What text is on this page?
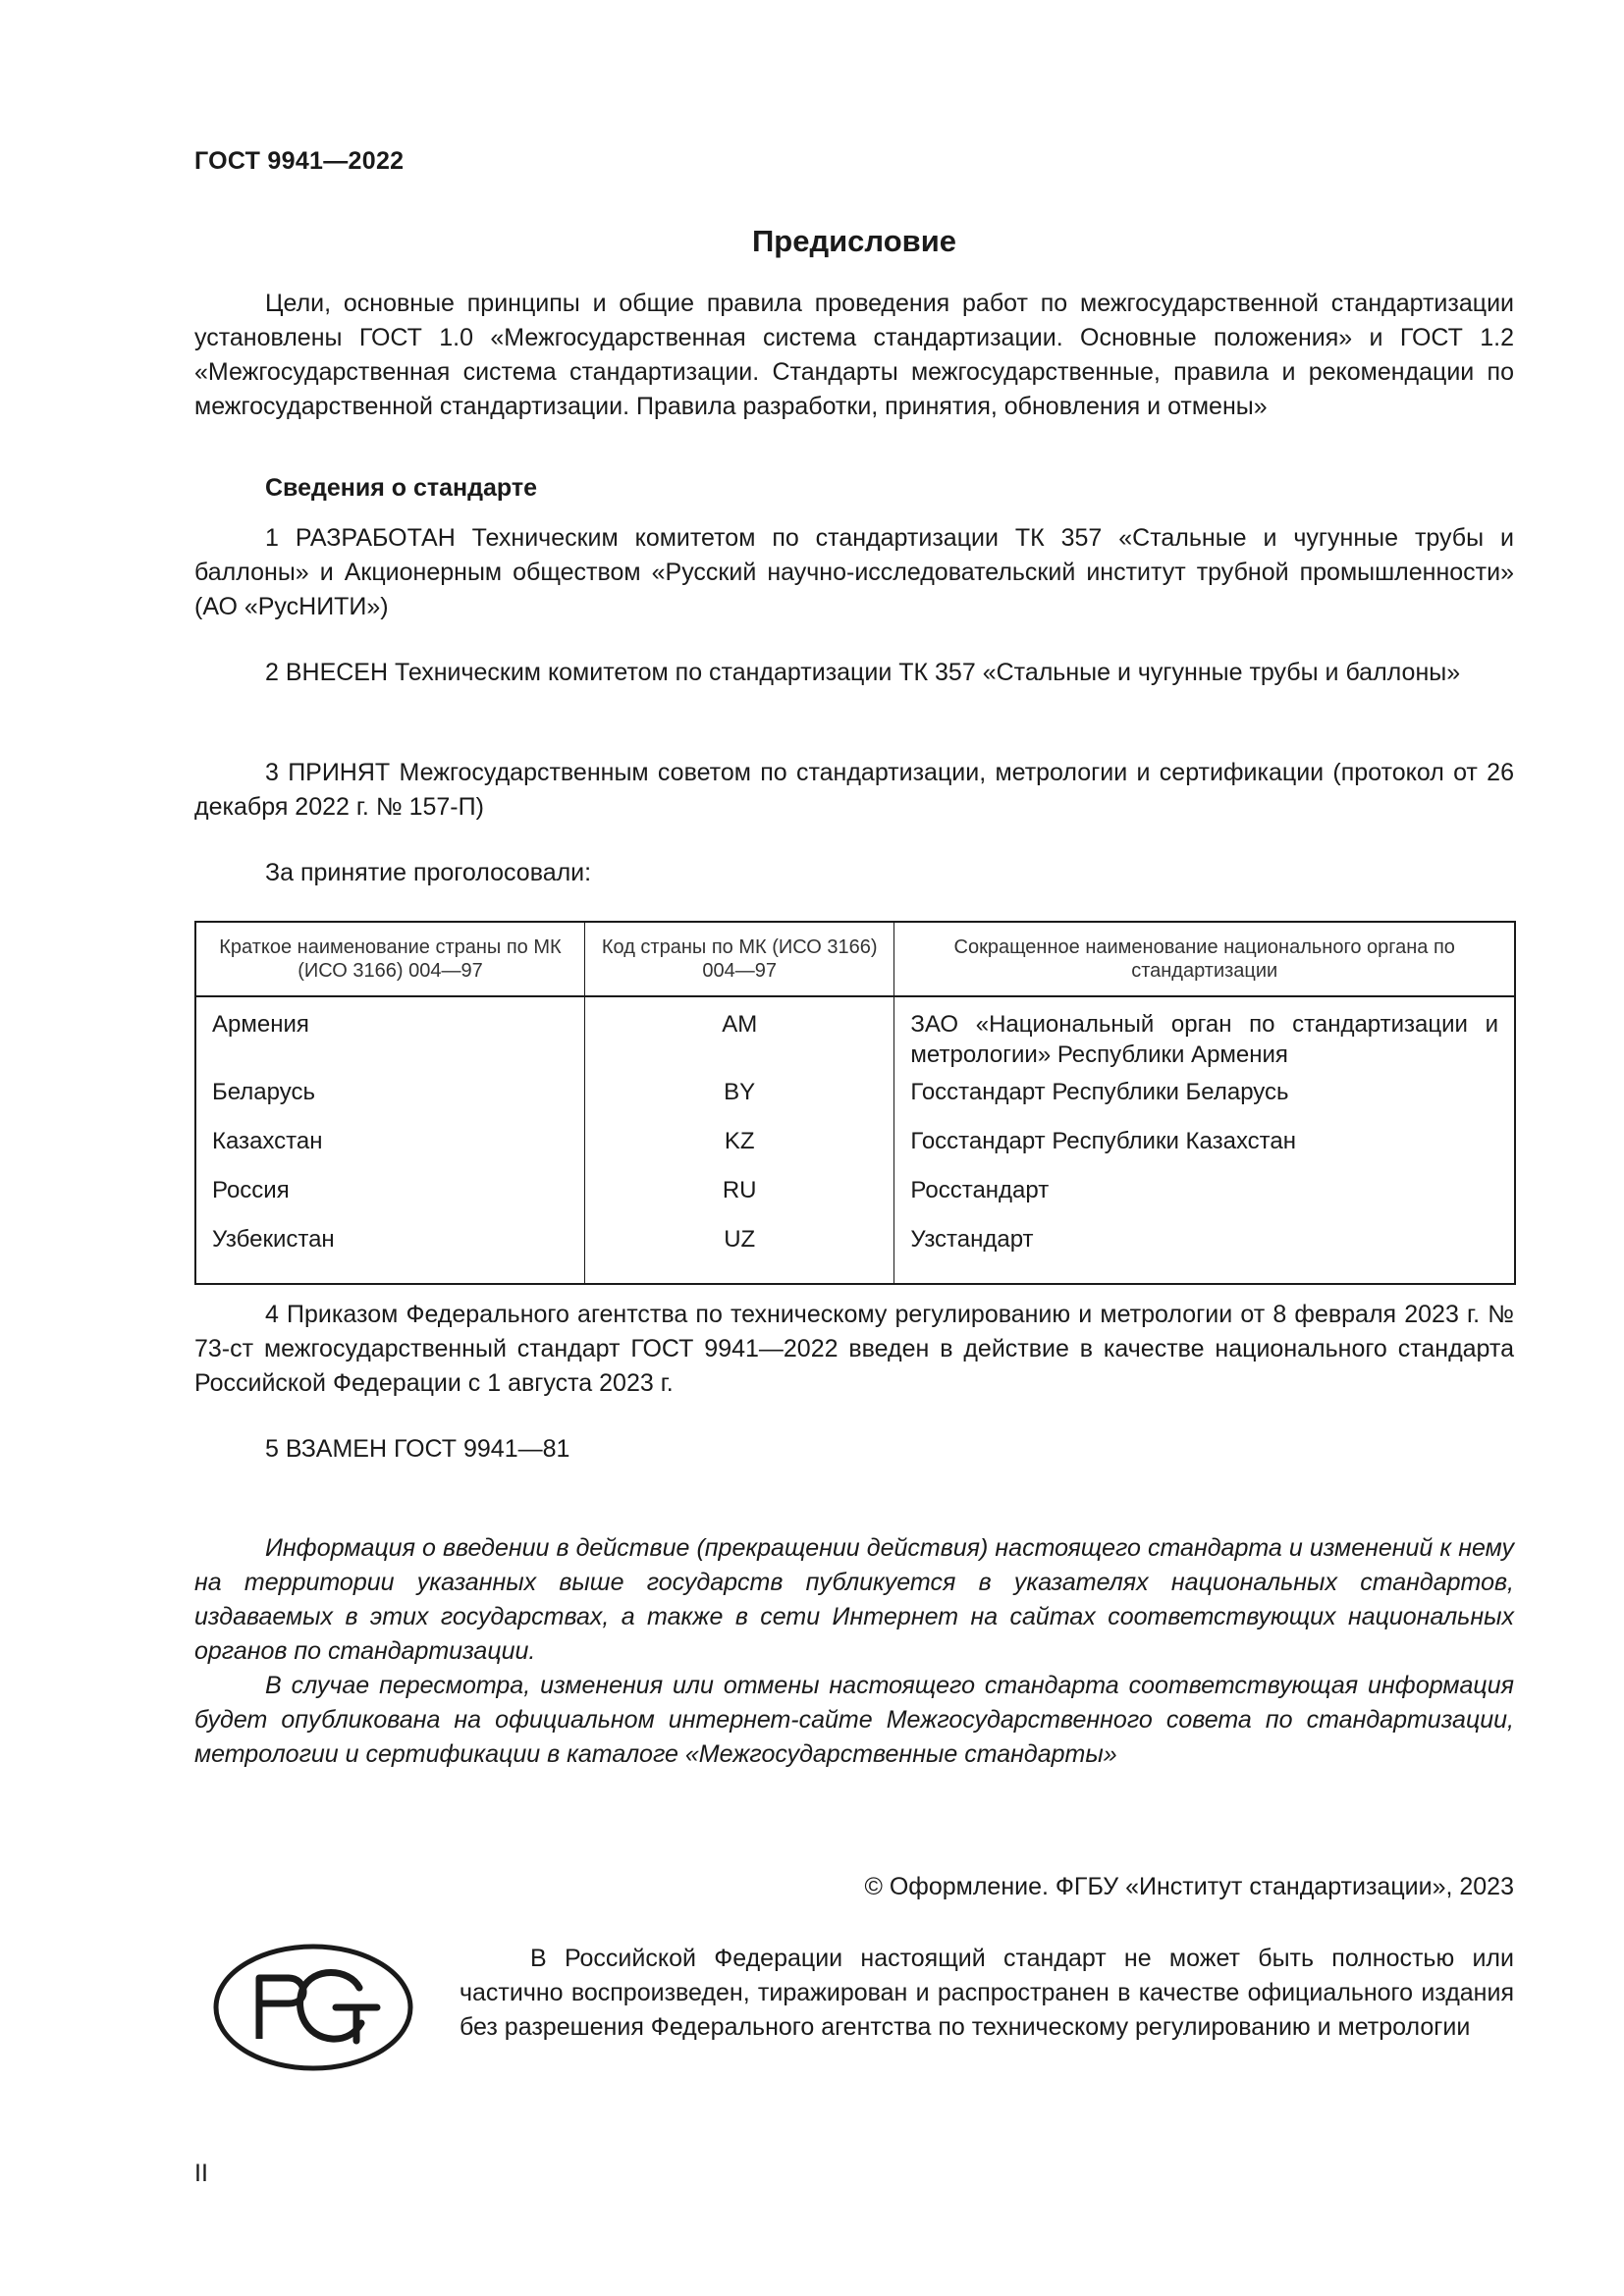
ГОСТ 9941—2022
Предисловие

Цели, основные принципы и общие правила проведения работ по межгосударственной стандартизации установлены ГОСТ 1.0 «Межгосударственная система стандартизации. Основные положения» и ГОСТ 1.2 «Межгосударственная система стандартизации. Стандарты межгосударственные, правила и рекомендации по межгосударственной стандартизации. Правила разработки, принятия, обновления и отмены»

Сведения о стандарте

1 РАЗРАБОТАН Техническим комитетом по стандартизации ТК 357 «Стальные и чугунные трубы и баллоны» и Акционерным обществом «Русский научно-исследовательский институт трубной промышленности» (АО «РусНИТИ»)

2 ВНЕСЕН Техническим комитетом по стандартизации ТК 357 «Стальные и чугунные трубы и баллоны»

3 ПРИНЯТ Межгосударственным советом по стандартизации, метрологии и сертификации (протокол от 26 декабря 2022 г. № 157-П)

За принятие проголосовали:

Краткое наименование страны по МК (ИСО 3166) 004—97	Код страны по МК (ИСО 3166) 004—97	Сокращенное наименование национального органа по стандартизации
Армения	AM	ЗАО «Национальный орган по стандартизации и метрологии» Республики Армения
Беларусь	BY	Госстандарт Республики Беларусь
Казахстан	KZ	Госстандарт Республики Казахстан
Россия	RU	Росстандарт
Узбекистан	UZ	Узстандарт

4 Приказом Федерального агентства по техническому регулированию и метрологии от 8 февраля 2023 г. № 73-ст межгосударственный стандарт ГОСТ 9941—2022 введен в действие в качестве национального стандарта Российской Федерации с 1 августа 2023 г.

5 ВЗАМЕН ГОСТ 9941—81

Информация о введении в действие (прекращении действия) настоящего стандарта и изменений к нему на территории указанных выше государств публикуется в указателях национальных стандартов, издаваемых в этих государствах, а также в сети Интернет на сайтах соответствующих национальных органов по стандартизации.

В случае пересмотра, изменения или отмены настоящего стандарта соответствующая информация будет опубликована на официальном интернет-сайте Межгосударственного совета по стандартизации, метрологии и сертификации в каталоге «Межгосударственные стандарты»

© Оформление. ФГБУ «Институт стандартизации», 2023

В Российской Федерации настоящий стандарт не может быть полностью или частично воспроизведен, тиражирован и распространен в качестве официального издания без разрешения Федерального агентства по техническому регулированию и метрологии

II
